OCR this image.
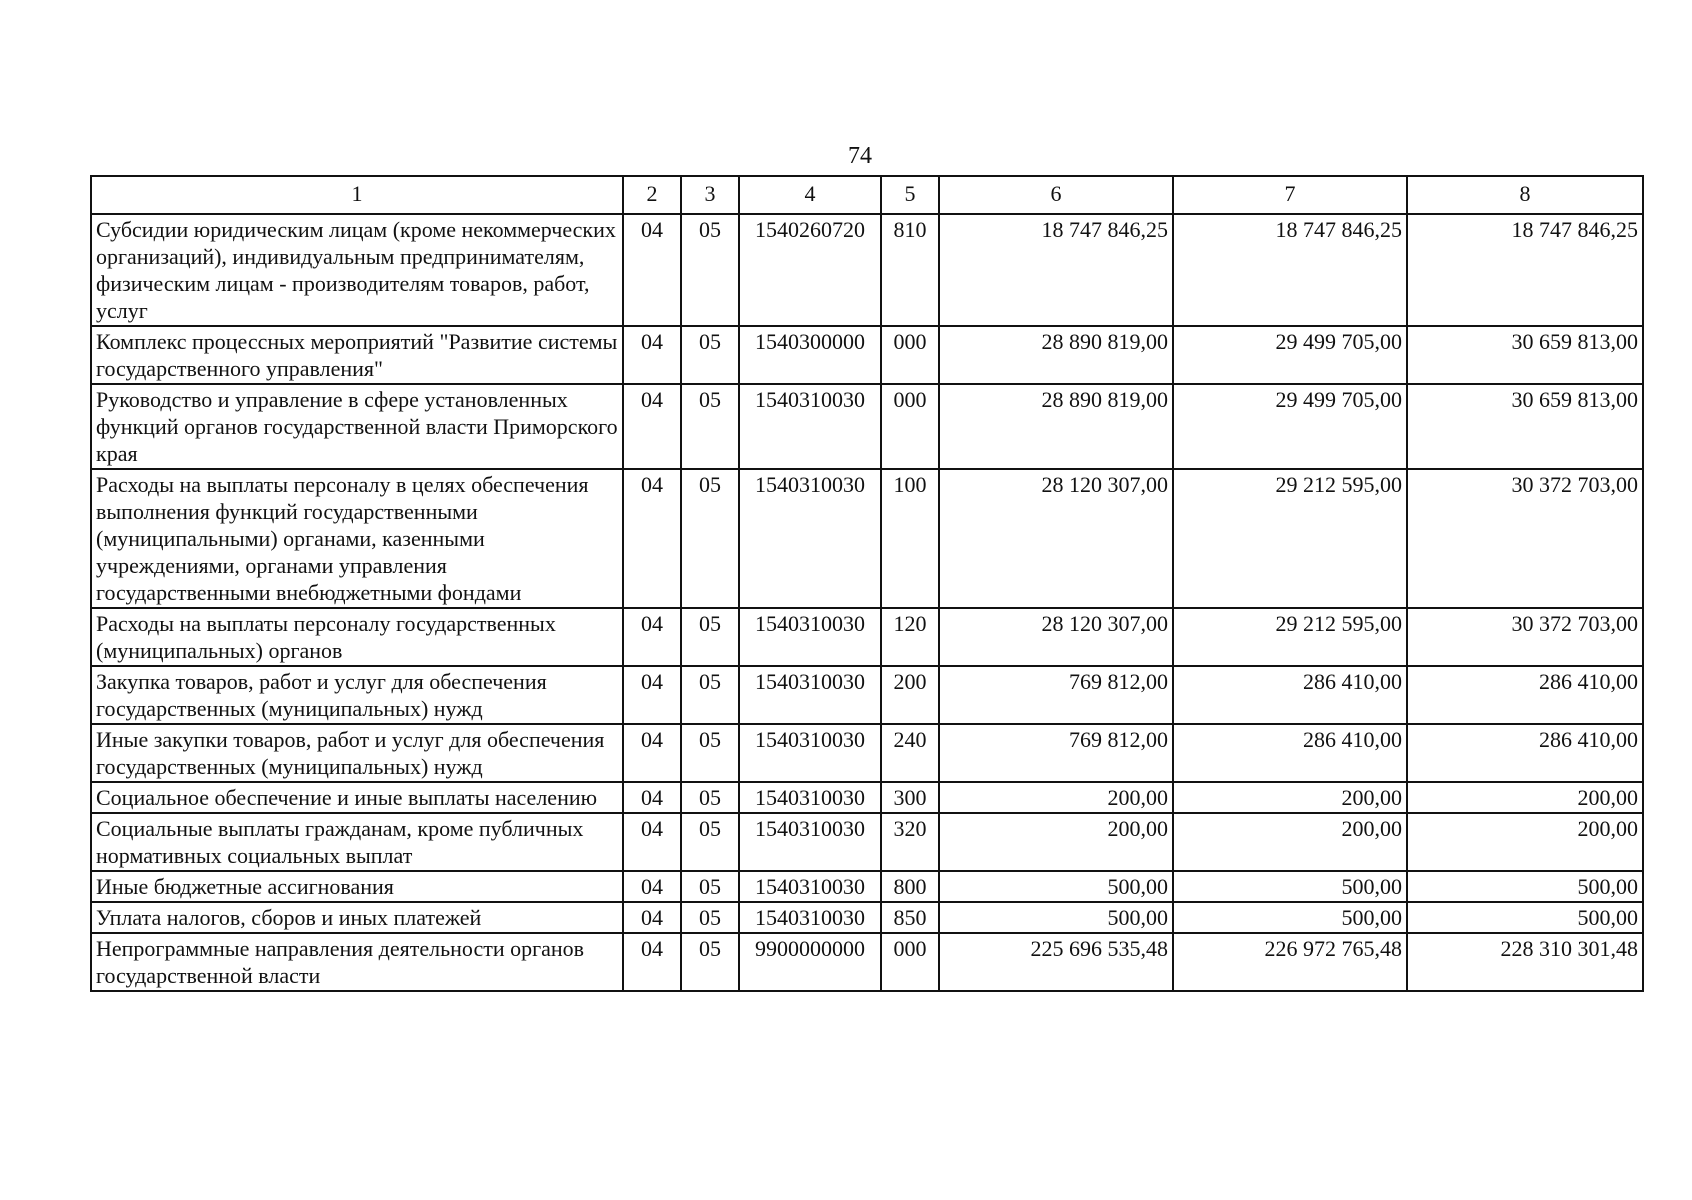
74
1	2	3	4	5	6	7	8
Субсидии юридическим лицам (кроме некоммерческих организаций), индивидуальным предпринимателям, физическим лицам - производителям товаров, работ, услуг	04	05	1540260720	810	18 747 846,25	18 747 846,25	18 747 846,25
Комплекс процессных мероприятий "Развитие системы государственного управления"	04	05	1540300000	000	28 890 819,00	29 499 705,00	30 659 813,00
Руководство и управление в сфере установленных функций органов государственной власти Приморского края	04	05	1540310030	000	28 890 819,00	29 499 705,00	30 659 813,00
Расходы на выплаты персоналу в целях обеспечения выполнения функций государственными (муниципальными) органами, казенными учреждениями, органами управления государственными внебюджетными фондами	04	05	1540310030	100	28 120 307,00	29 212 595,00	30 372 703,00
Расходы на выплаты персоналу государственных (муниципальных) органов	04	05	1540310030	120	28 120 307,00	29 212 595,00	30 372 703,00
Закупка товаров, работ и услуг для обеспечения государственных (муниципальных) нужд	04	05	1540310030	200	769 812,00	286 410,00	286 410,00
Иные закупки товаров, работ и услуг для обеспечения государственных (муниципальных) нужд	04	05	1540310030	240	769 812,00	286 410,00	286 410,00
Социальное обеспечение и иные выплаты населению	04	05	1540310030	300	200,00	200,00	200,00
Социальные выплаты гражданам, кроме публичных нормативных социальных выплат	04	05	1540310030	320	200,00	200,00	200,00
Иные бюджетные ассигнования	04	05	1540310030	800	500,00	500,00	500,00
Уплата налогов, сборов и иных платежей	04	05	1540310030	850	500,00	500,00	500,00
Непрограммные направления деятельности органов государственной власти	04	05	9900000000	000	225 696 535,48	226 972 765,48	228 310 301,48
